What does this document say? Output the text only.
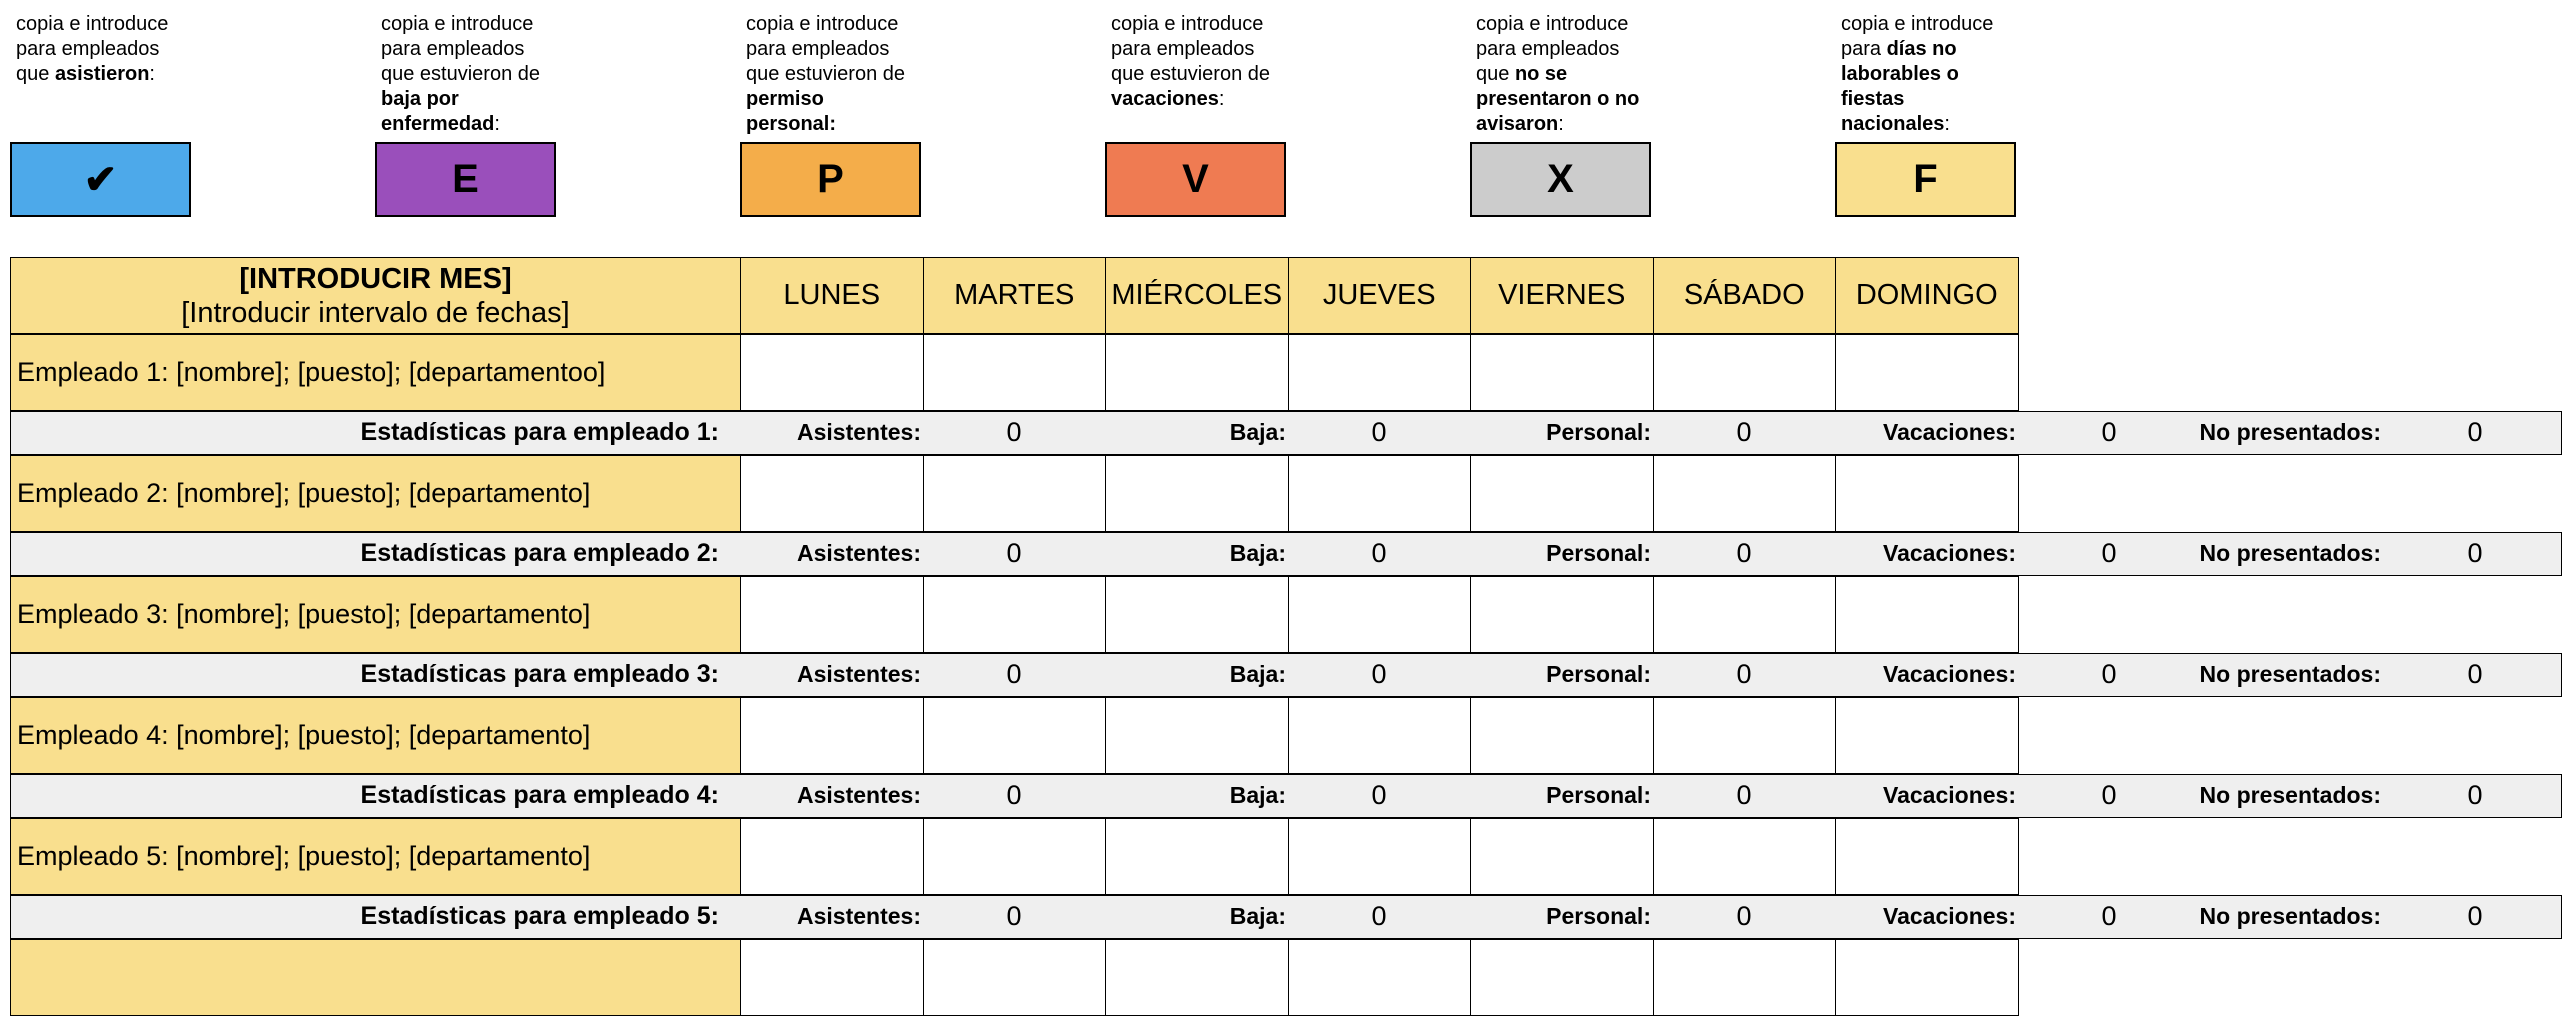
copia e introduce para empleados que asistieron:
✔
copia e introduce para empleados que estuvieron de baja por enfermedad:
E
copia e introduce para empleados que estuvieron de permiso personal:
P
copia e introduce para empleados que estuvieron de vacaciones:
V
copia e introduce para empleados que no se presentaron o no avisaron:
X
copia e introduce para días no laborables o fiestas nacionales:
F
[INTRODUCIR MES]
[Introducir intervalo de fechas]
LUNES	MARTES	MIÉRCOLES	JUEVES	VIERNES	SÁBADO	DOMINGO
Empleado 1: [nombre]; [puesto]; [departamentoo]
Estadísticas para empleado 1:	Asistentes:	0	Baja:	0	Personal:	0	Vacaciones:	0	No presentados:	0
Empleado 2: [nombre]; [puesto]; [departamento]
Estadísticas para empleado 2:	Asistentes:	0	Baja:	0	Personal:	0	Vacaciones:	0	No presentados:	0
Empleado 3: [nombre]; [puesto]; [departamento]
Estadísticas para empleado 3:	Asistentes:	0	Baja:	0	Personal:	0	Vacaciones:	0	No presentados:	0
Empleado 4: [nombre]; [puesto]; [departamento]
Estadísticas para empleado 4:	Asistentes:	0	Baja:	0	Personal:	0	Vacaciones:	0	No presentados:	0
Empleado 5: [nombre]; [puesto]; [departamento]
Estadísticas para empleado 5:	Asistentes:	0	Baja:	0	Personal:	0	Vacaciones:	0	No presentados:	0
